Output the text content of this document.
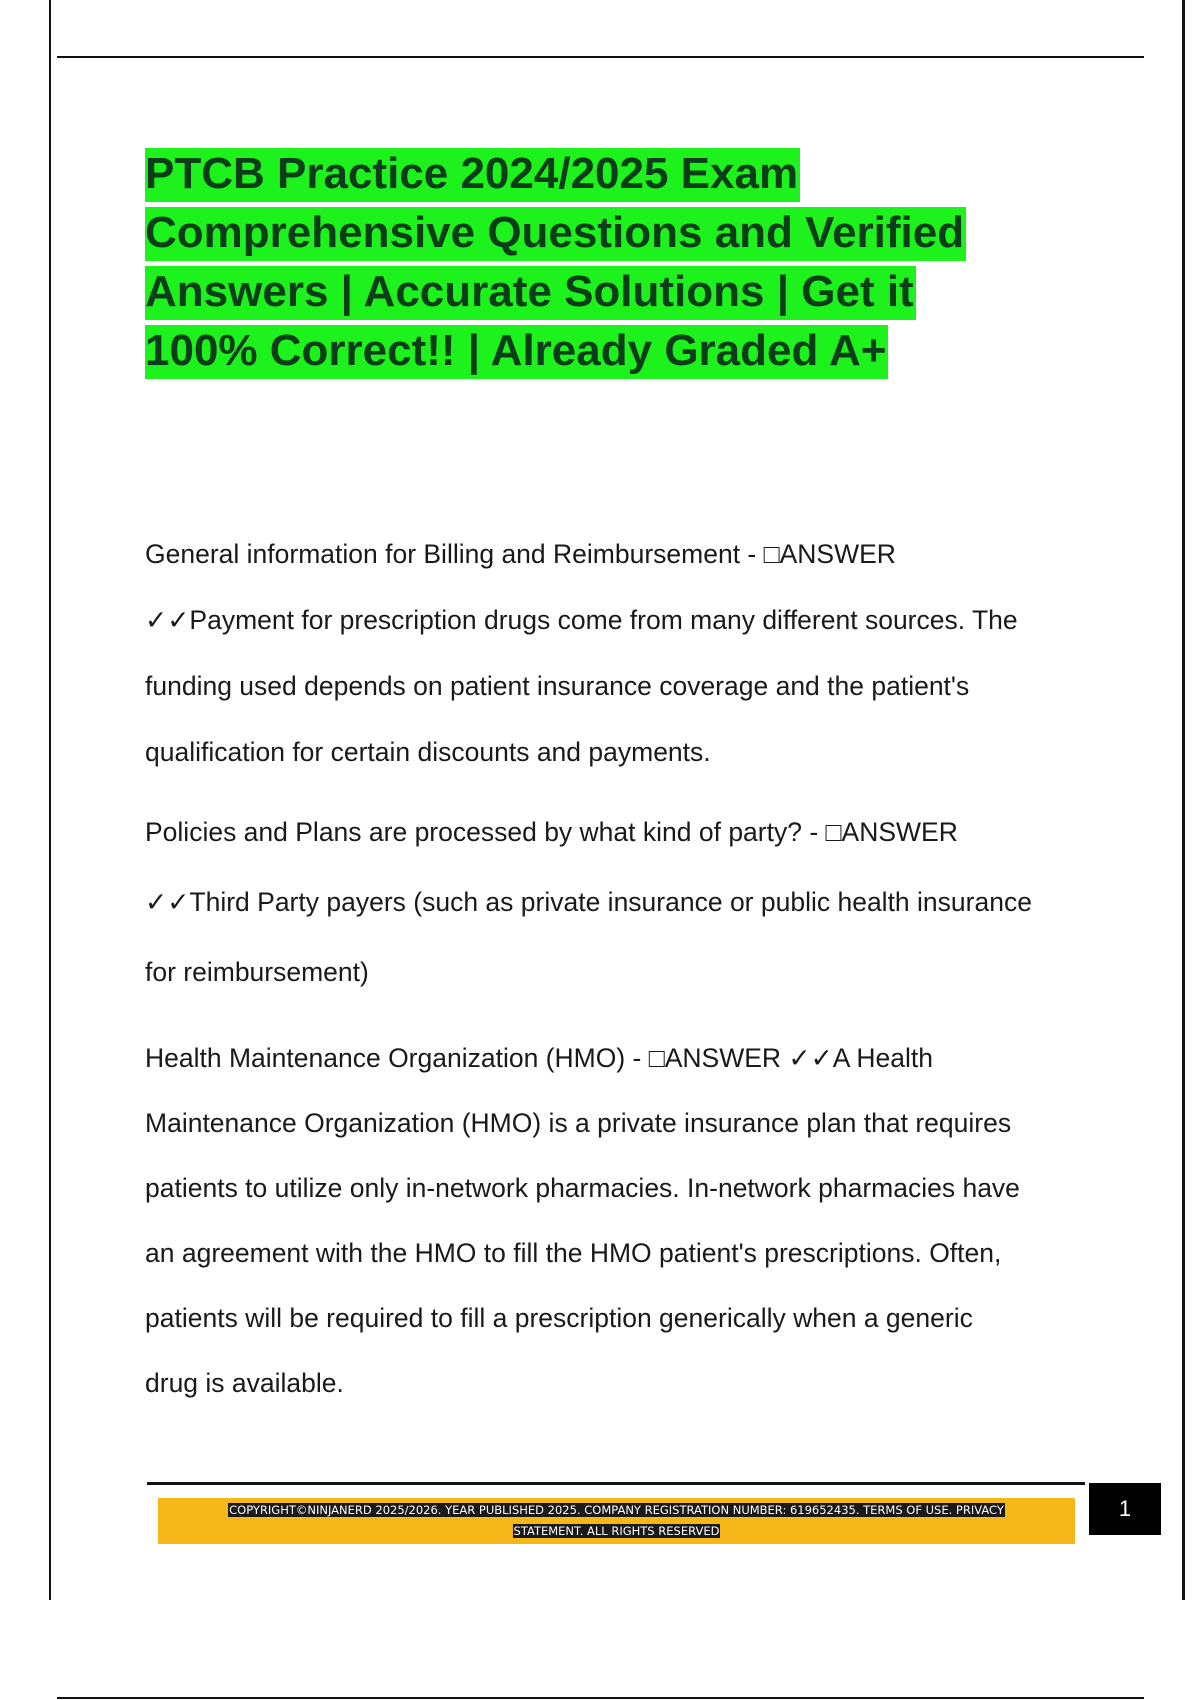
PTCB Practice 2024/2025 Exam
Comprehensive Questions and Verified
Answers | Accurate Solutions | Get it
100% Correct!! | Already Graded A+

General information for Billing and Reimbursement - □ANSWER
✓✓Payment for prescription drugs come from many different sources. The
funding used depends on patient insurance coverage and the patient's
qualification for certain discounts and payments.

Policies and Plans are processed by what kind of party? - □ANSWER
✓✓Third Party payers (such as private insurance or public health insurance
for reimbursement)

Health Maintenance Organization (HMO) - □ANSWER ✓✓A Health
Maintenance Organization (HMO) is a private insurance plan that requires
patients to utilize only in-network pharmacies. In-network pharmacies have
an agreement with the HMO to fill the HMO patient's prescriptions. Often,
patients will be required to fill a prescription generically when a generic
drug is available.

COPYRIGHT©NINJANERD 2025/2026. YEAR PUBLISHED 2025. COMPANY REGISTRATION NUMBER: 619652435. TERMS OF USE. PRIVACY
STATEMENT. ALL RIGHTS RESERVED
1
